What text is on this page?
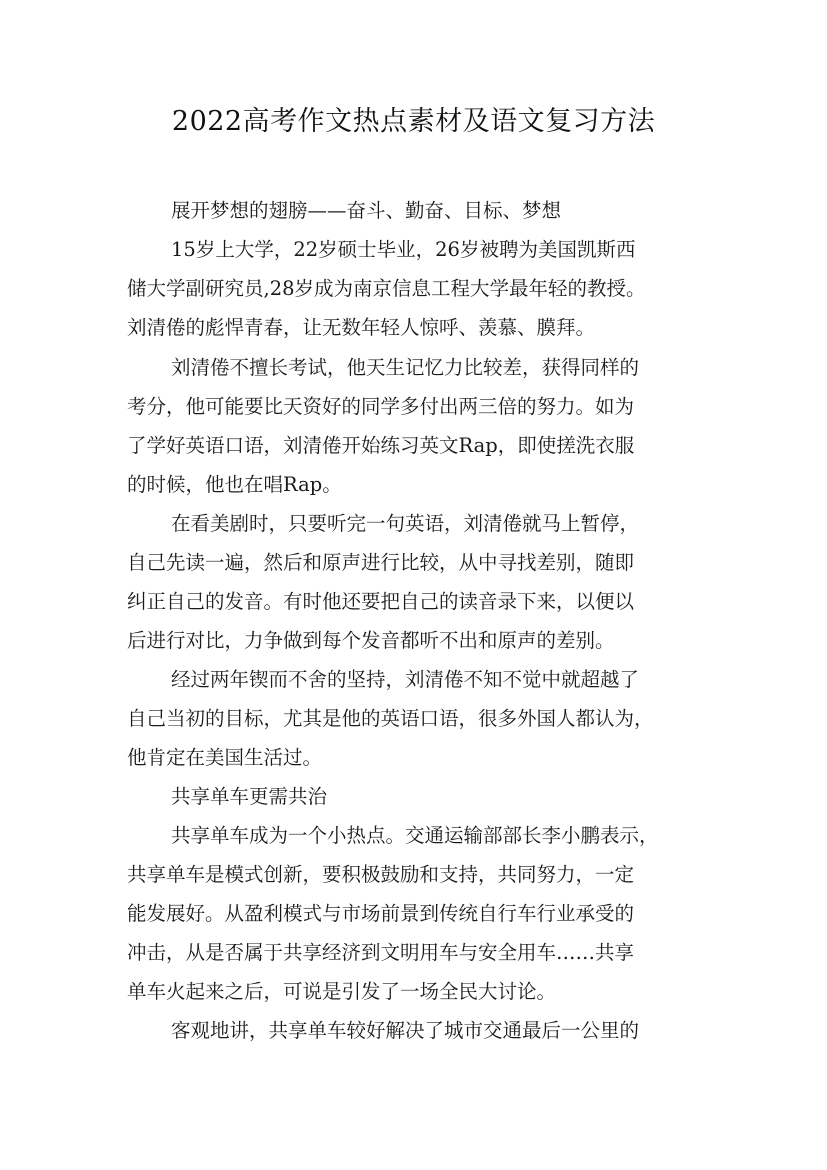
2022高考作文热点素材及语文复习方法
展开梦想的翅膀——奋斗、勤奋、目标、梦想
15岁上大学，22岁硕士毕业，26岁被聘为美国凯斯西
储大学副研究员,28岁成为南京信息工程大学最年轻的教授。
刘清倦的彪悍青春，让无数年轻人惊呼、羡慕、膜拜。
刘清倦不擅长考试，他天生记忆力比较差，获得同样的
考分，他可能要比天资好的同学多付出两三倍的努力。如为
了学好英语口语，刘清倦开始练习英文Rap，即使搓洗衣服
的时候，他也在唱Rap。
在看美剧时，只要听完一句英语，刘清倦就马上暂停，
自己先读一遍，然后和原声进行比较，从中寻找差别，随即
纠正自己的发音。有时他还要把自己的读音录下来，以便以
后进行对比，力争做到每个发音都听不出和原声的差别。
经过两年锲而不舍的坚持，刘清倦不知不觉中就超越了
自己当初的目标，尤其是他的英语口语，很多外国人都认为，
他肯定在美国生活过。
共享单车更需共治
共享单车成为一个小热点。交通运输部部长李小鹏表示，
共享单车是模式创新，要积极鼓励和支持，共同努力，一定
能发展好。从盈利模式与市场前景到传统自行车行业承受的
冲击，从是否属于共享经济到文明用车与安全用车……共享
单车火起来之后，可说是引发了一场全民大讨论。
客观地讲，共享单车较好解决了城市交通最后一公里的
